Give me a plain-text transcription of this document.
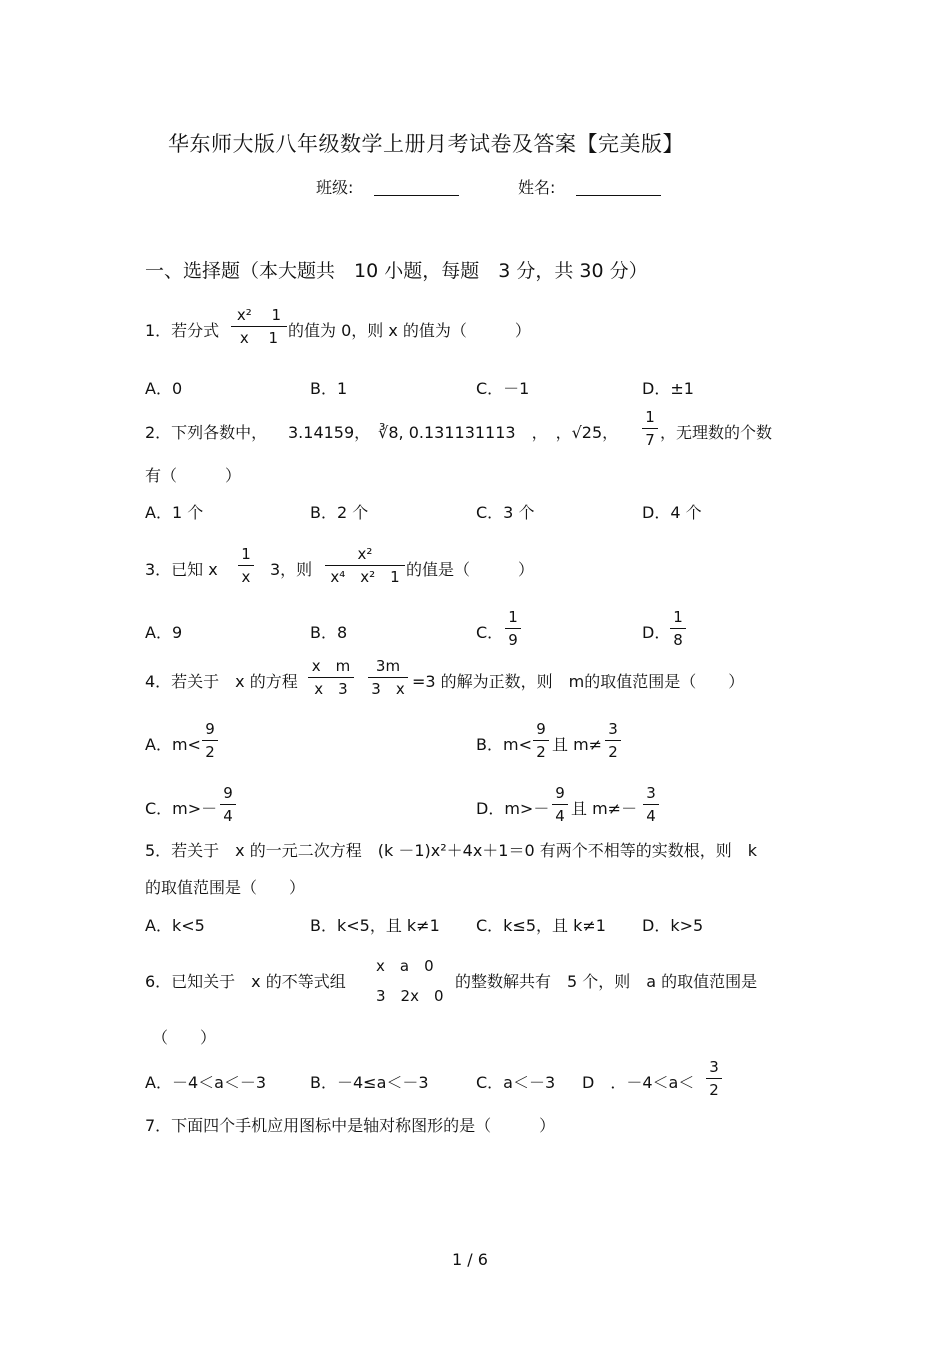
华东师大版八年级数学上册月考试卷及答案【完美版】
班级:	姓名:
一、选择题（本大题共　10 小题，每题　3 分，共 30 分）
1．若分式
x² 　1
x 　1 的值为 0，则 x 的值为（　　　）
A．0	B．1	C．－1	D．±1
2．下列各数中， 3.14159，　∛8, 0.131131113　，　，√25，
1
7 ，无理数的个数
有（　　　）
A．1 个	B．2 个	C．3 个	D．4 个
3．已知 x
1
x 3，则
x²
x⁴　x²　1 的值是（　　　）
A．9	B．8	C．
1
9	D．
1
8
4．若关于　x 的方程
x　m
x　3
3m
3　x =3 的解为正数，则　m的取值范围是（　　）
A．m<
9
2	B．m<
9
2 且 m≠
3
2
C．m>－
9
4	D．m>－
9
4 且 m≠－
3
4
5．若关于　x 的一元二次方程　(k －1)x²＋4x＋1＝0 有两个不相等的实数根，则　k
的取值范围是（　　）
A．k<5	B．k<5，且 k≠1 C．k≤5，且 k≠1 D．k>5
6．已知关于　x 的不等式组
x　a　0
3　2x　0
的整数解共有　5 个，则　a 的取值范围是
（　　）
A．－4＜a＜－3	B．－4≤a＜－3	C．a＜－3 D　．－4＜a＜
3
2
7．下面四个手机应用图标中是轴对称图形的是（　　　）
1 / 6
